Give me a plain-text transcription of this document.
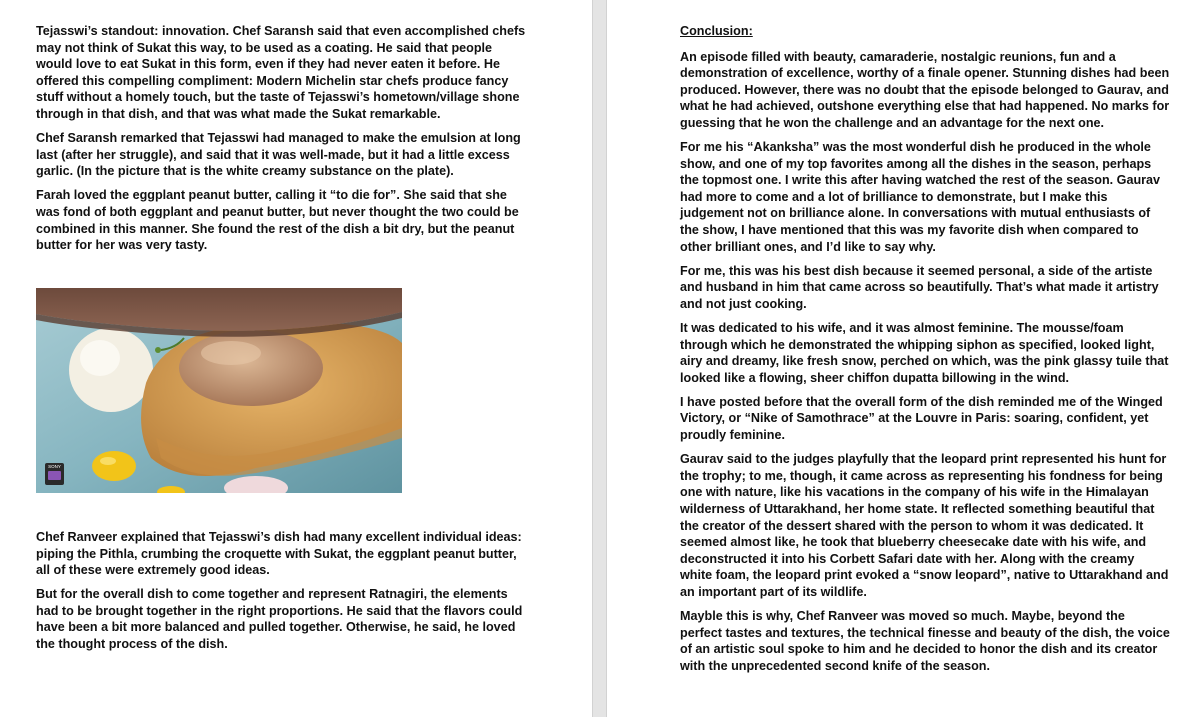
Tejasswi’s standout: innovation. Chef Saransh said that even accomplished chefs may not think of Sukat this way, to be used as a coating. He said that people would love to eat Sukat in this form, even if they had never eaten it before. He offered this compelling compliment: Modern Michelin star chefs produce fancy stuff without a homely touch, but the taste of Tejasswi’s hometown/village shone through in that dish, and that was what made the Sukat remarkable.

Chef Saransh remarked that Tejasswi had managed to make the emulsion at long last (after her struggle), and said that it was well-made, but it had a little excess garlic. (In the picture that is the white creamy substance on the plate).

Farah loved the eggplant peanut butter, calling it “to die for”. She said that she was fond of both eggplant and peanut butter, but never thought the two could be combined in this manner. She found the rest of the dish a bit dry, but the peanut butter for her was very tasty.

SONY

Chef Ranveer explained that Tejasswi’s dish had many excellent individual ideas: piping the Pithla, crumbing the croquette with Sukat, the eggplant peanut butter, all of these were extremely good ideas.

But for the overall dish to come together and represent Ratnagiri, the elements had to be brought together in the right proportions. He said that the flavors could have been a bit more balanced and pulled together. Otherwise, he said, he loved the thought process of the dish.

Conclusion:

An episode filled with beauty, camaraderie, nostalgic reunions, fun and a demonstration of excellence, worthy of a finale opener. Stunning dishes had been produced. However, there was no doubt that the episode belonged to Gaurav, and what he had achieved, outshone everything else that had happened. No marks for guessing that he won the challenge and an advantage for the next one.

For me his “Akanksha” was the most wonderful dish he produced in the whole show, and one of my top favorites among all the dishes in the season, perhaps the topmost one. I write this after having watched the rest of the season. Gaurav had more to come and a lot of brilliance to demonstrate, but I make this judgement not on brilliance alone. In conversations with mutual enthusiasts of the show, I have mentioned that this was my favorite dish when compared to other brilliant ones, and I’d like to say why.

For me, this was his best dish because it seemed personal, a side of the artiste and husband in him that came across so beautifully. That’s what made it artistry and not just cooking.

It was dedicated to his wife, and it was almost feminine. The mousse/foam through which he demonstrated the whipping siphon as specified, looked light, airy and dreamy, like fresh snow, perched on which, was the pink glassy tuile that looked like a flowing, sheer chiffon dupatta billowing in the wind.

I have posted before that the overall form of the dish reminded me of the Winged Victory, or “Nike of Samothrace” at the Louvre in Paris: soaring, confident, yet proudly feminine.

Gaurav said to the judges playfully that the leopard print represented his hunt for the trophy; to me, though, it came across as representing his fondness for being one with nature, like his vacations in the company of his wife in the Himalayan wilderness of Uttarakhand, her home state. It reflected something beautiful that the creator of the dessert shared with the person to whom it was dedicated. It seemed almost like, he took that blueberry cheesecake date with his wife, and deconstructed it into his Corbett Safari date with her. Along with the creamy white foam, the leopard print evoked a “snow leopard”, native to Uttarakhand and an important part of its wildlife.

Mayble this is why, Chef Ranveer was moved so much. Maybe, beyond the perfect tastes and textures, the technical finesse and beauty of the dish, the voice of an artistic soul spoke to him and he decided to honor the dish and its creator with the unprecedented second knife of the season.
